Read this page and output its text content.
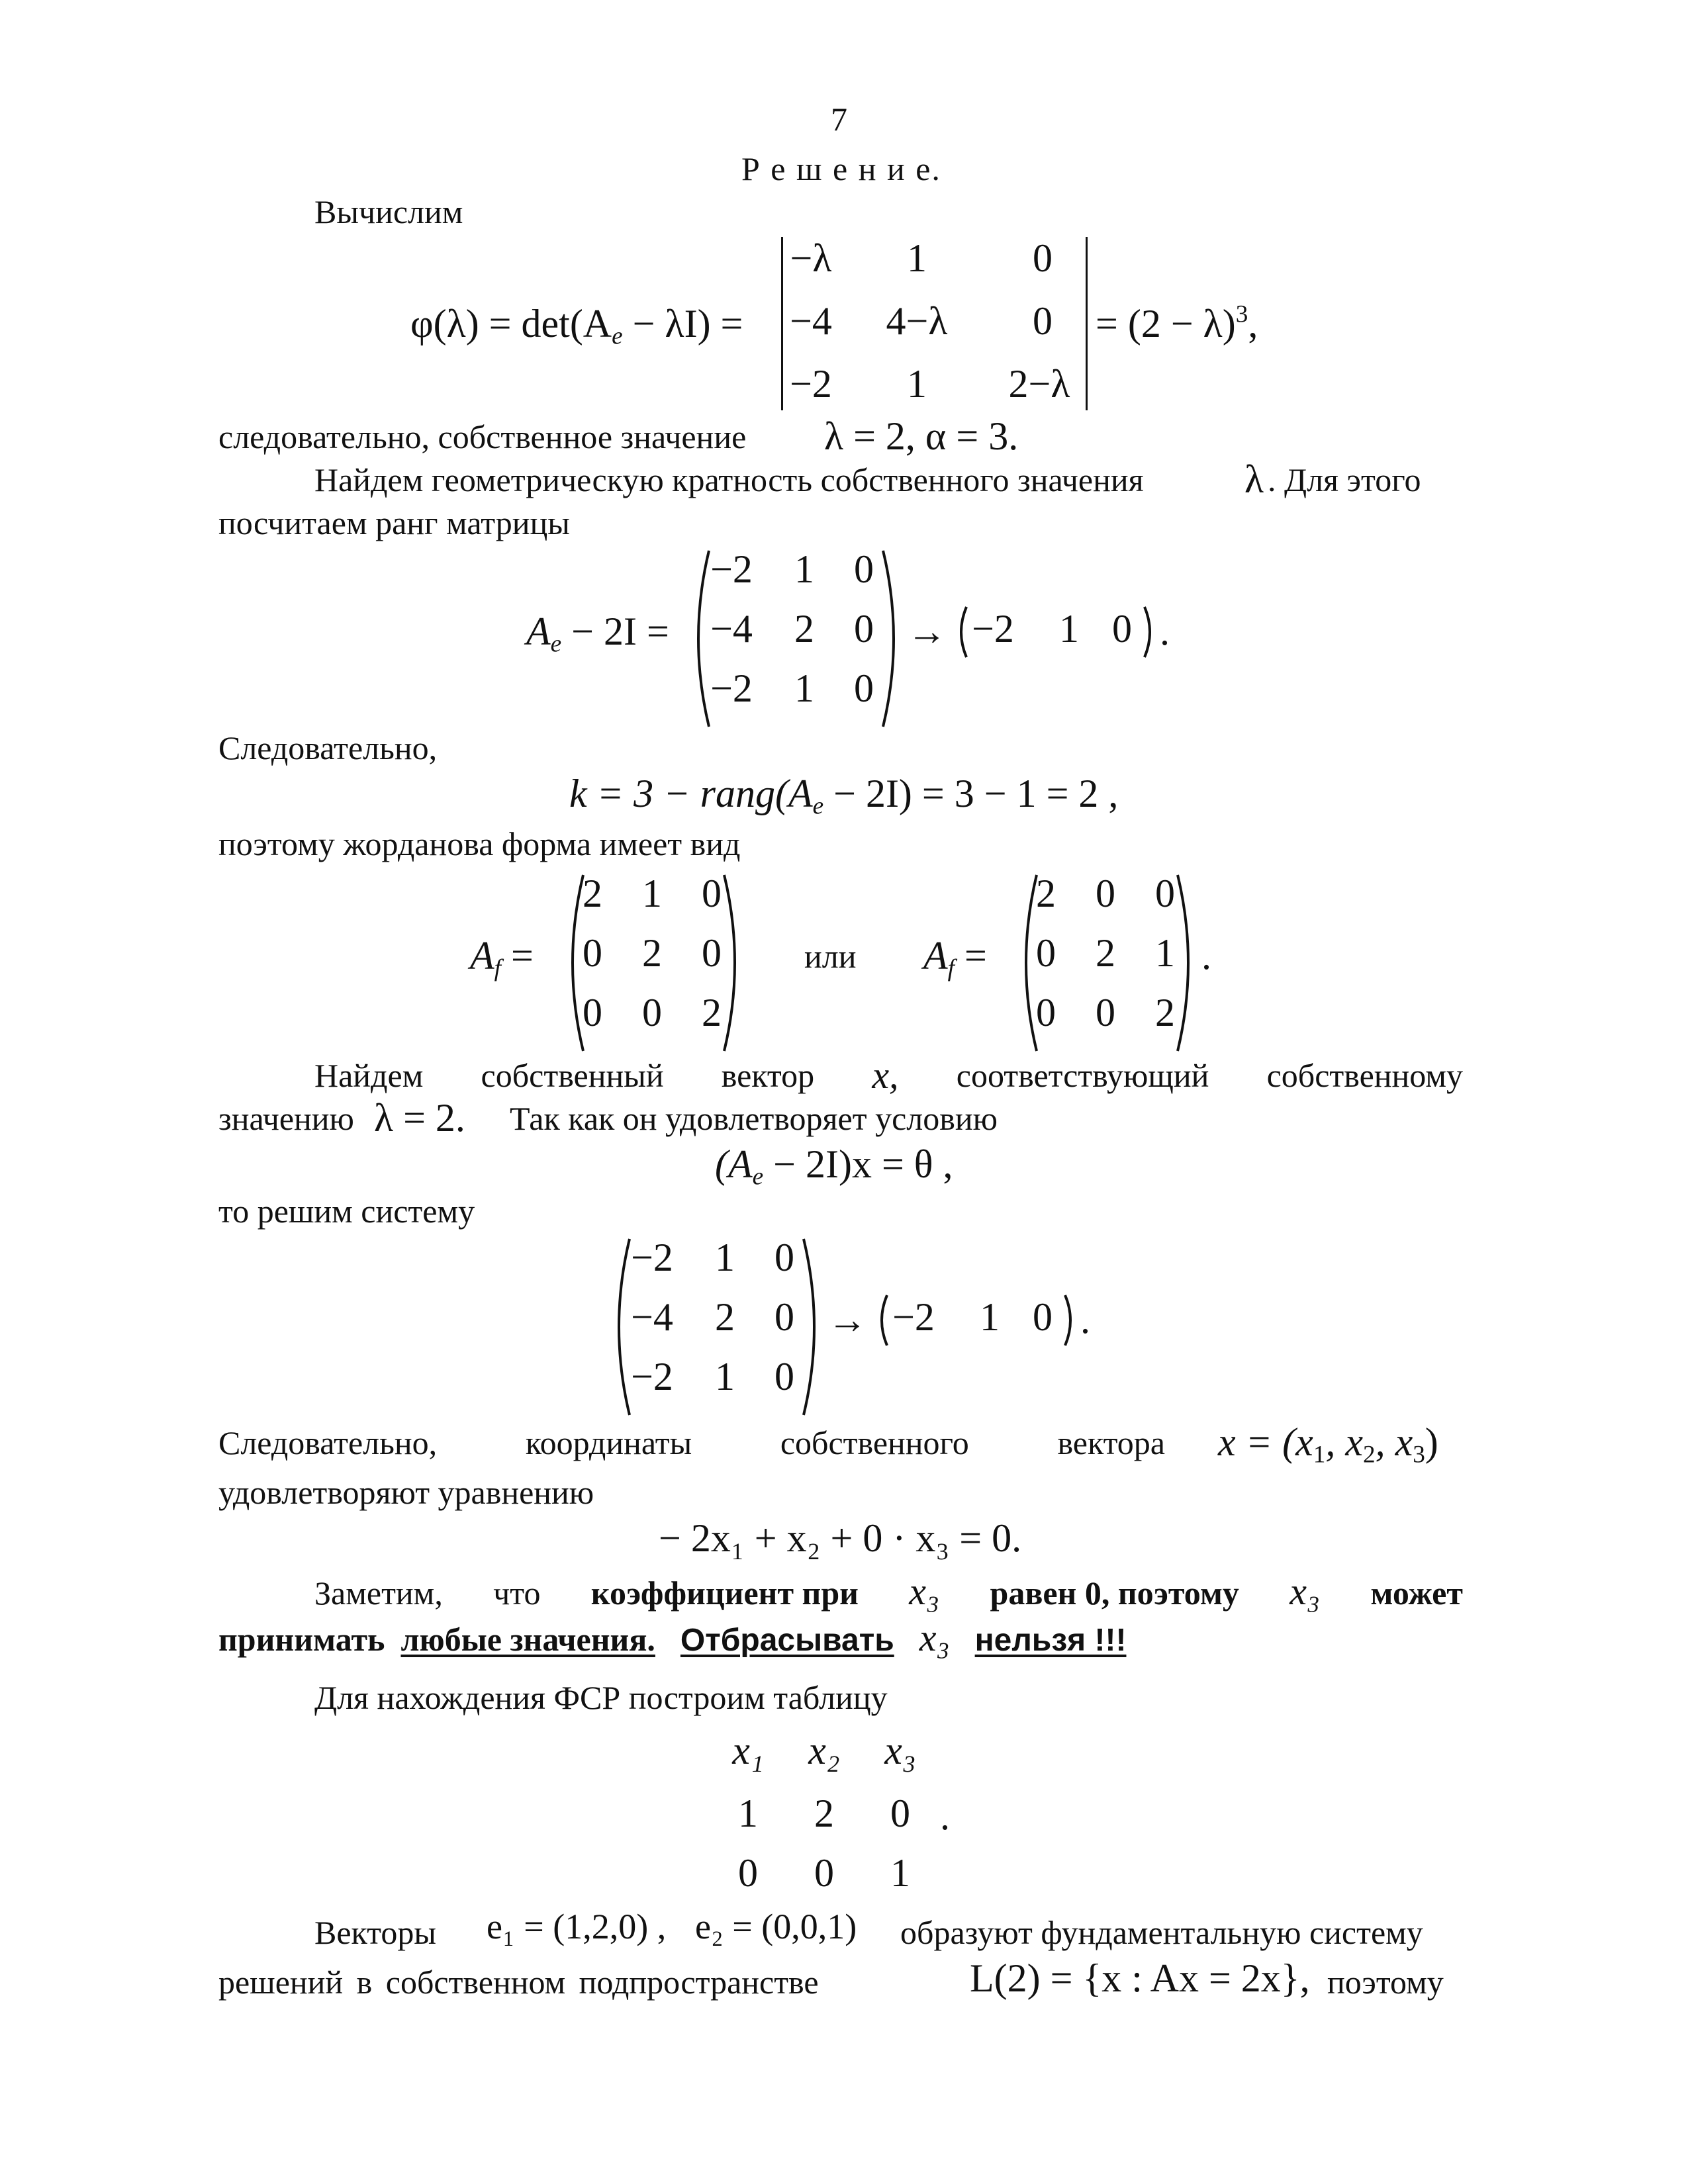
7
Р е ш е н и е.
Вычислим
$\varphi(\lambda) = \det(A_e - \lambda I)$ =
−λ	1	0
−4	4−λ	0
−2	1	2−λ
= $(2 - \lambda)^3$,
следовательно, собственное значение λ = 2, α = 3.
Найдем геометрическую кратность собственного значения	λ . Для этого
посчитаем ранг матрицы
$A_e - 2I$ =
−2	1	0
−4	2	0
−2	1	0
→ −2	1 0 .
Следовательно,
$k = 3 - rang(A_e - 2I) = 3 - 1 = 2$ ,
поэтому жорданова форма имеет вид
$A_f$ =
2	1	0
0	2	0
0	0	2
или $A_f$ =
2	0	0
0	2	1
0	0	2
.
Найдем собственный вектор x, соответствующий собственному
значению λ = 2. Так как он удовлетворяет условию
$(A_e - 2I)x = \theta$ ,
то решим систему
−2	1	0
−4	2	0
−2	1	0
→ −2	1 0 .
Следовательно,	координаты	собственного	вектора $x = (x_1$, $x_2$, $x_3$)
удовлетворяют уравнению
− 2x₁ + x₂ + 0 · x₃ = 0.
Заметим, что коэффициент при x₃ равен 0, поэтому x₃ может
принимать любые значения. Отбрасывать x₃ нельзя !!!
Для нахождения ФСР построим таблицу
x₁	x₂	x₃
1	2	0 .
0	0	1
Векторы e₁ = (1,2,0) , e₂ = (0,0,1) образуют фундаментальную систему
решений в собственном подпространстве	L(2) = {x : Ax = 2x}, поэтому
